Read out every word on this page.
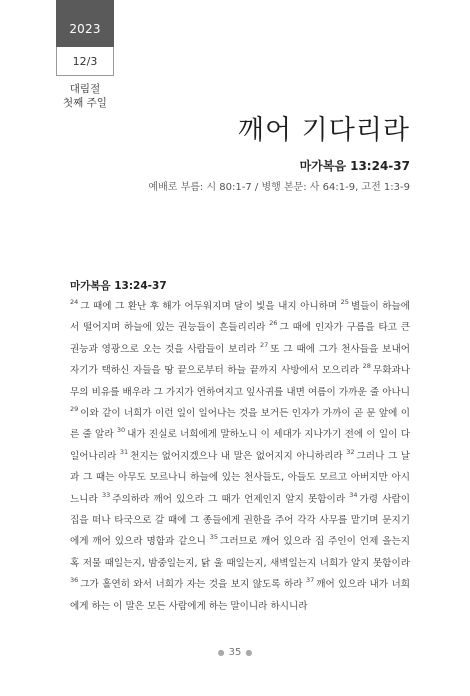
2023
12/3
대림절
첫째 주일
깨어 기다리라
마가복음 13:24-37
예배로 부름: 시 80:1-7 / 병행 본문: 사 64:1-9, 고전 1:3-9
마가복음 13:24-37

$^{24}$ 그 때에 그 환난 후 해가 어두워지며 달이 빛을 내지 아니하며 $^{25}$ 별들이 하늘에서 떨어지며 하늘에 있는 권능들이 흔들리리라 $^{26}$ 그 때에 인자가 구름을 타고 큰 권능과 영광으로 오는 것을 사람들이 보리라 $^{27}$ 또 그 때에 그가 천사들을 보내어 자기가 택하신 자들을 땅 끝으로부터 하늘 끝까지 사방에서 모으리라 $^{28}$ 무화과나무의 비유를 배우라 그 가지가 연하여지고 잎사귀를 내면 여름이 가까운 줄 아나니 $^{29}$ 이와 같이 너희가 이런 일이 일어나는 것을 보거든 인자가 가까이 곧 문 앞에 이른 줄 알라 $^{30}$ 내가 진실로 너희에게 말하노니 이 세대가 지나가기 전에 이 일이 다 일어나리라 $^{31}$ 천지는 없어지겠으나 내 말은 없어지지 아니하리라 $^{32}$ 그러나 그 날과 그 때는 아무도 모르나니 하늘에 있는 천사들도, 아들도 모르고 아버지만 아시느니라 $^{33}$ 주의하라 깨어 있으라 그 때가 언제인지 알지 못함이라 $^{34}$ 가령 사람이 집을 떠나 타국으로 갈 때에 그 종들에게 권한을 주어 각각 사무를 맡기며 문지기에게 깨어 있으라 명함과 같으니 $^{35}$ 그러므로 깨어 있으라 집 주인이 언제 올는지 혹 저물 때일는지, 밤중일는지, 닭 울 때일는지, 새벽일는지 너희가 알지 못함이라 $^{36}$ 그가 홀연히 와서 너희가 자는 것을 보지 않도록 하라 $^{37}$ 깨어 있으라 내가 너희에게 하는 이 말은 모든 사람에게 하는 말이니라 하시니라

● 35 ●
